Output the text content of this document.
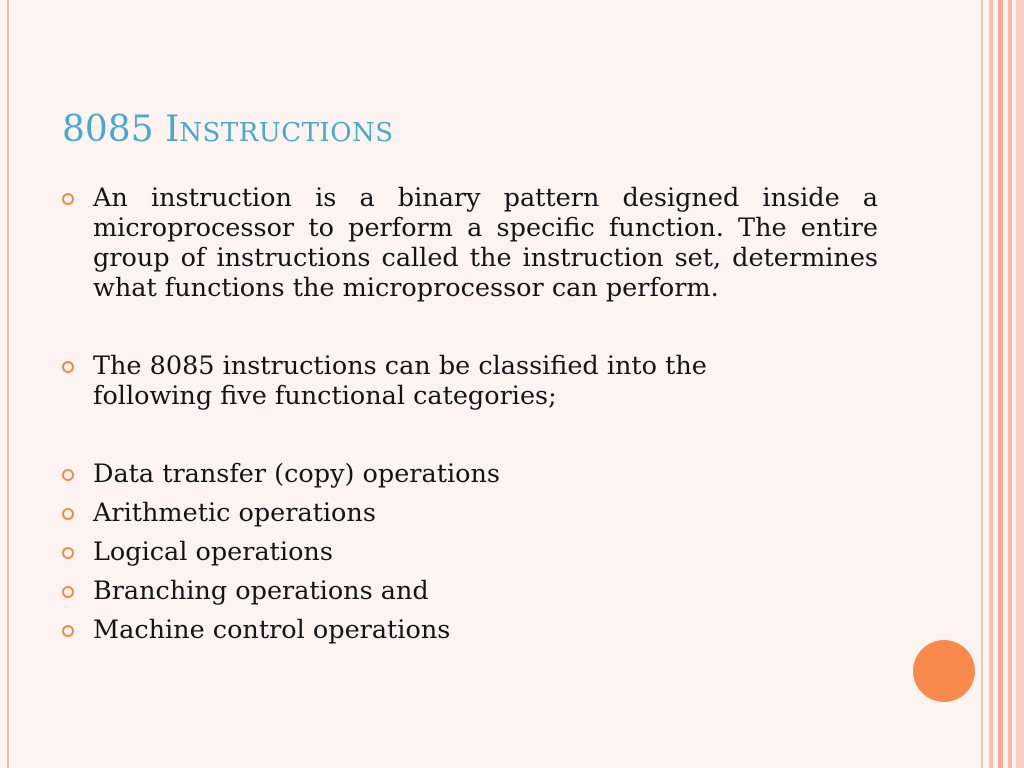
8085 INSTRUCTIONS

An instruction is a binary pattern designed inside a microprocessor to perform a specific function. The entire group of instructions called the instruction set, determines what functions the microprocessor can perform.

The 8085 instructions can be classified into the following five functional categories;

Data transfer (copy) operations

Arithmetic operations

Logical operations

Branching operations and

Machine control operations
